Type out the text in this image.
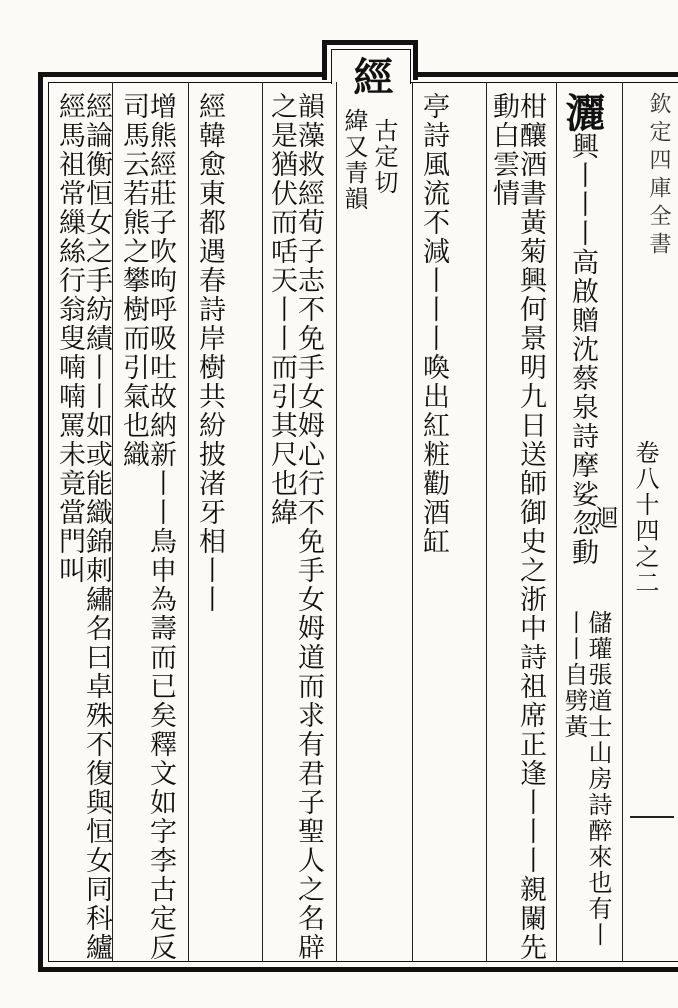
欽定四庫全書
卷八十四之二
經
古定切
緯又青韻	灑興丨丨丨高啟贈沈蔡泉詩摩娑忽動
迴
儲瓘張道士山房詩醉來也有丨丨丨自劈黃
柑釀酒書黃菊興何景明九日送師御史之浙中詩祖席正逢丨丨丨親闌先動白雲情
亭詩風流不減丨丨丨喚出紅粧勸酒缸
韻藻救經荀子志不免手女姆心行不免手女姆道而求有君子聖人之名辟之是猶伏而咶天丨丨而引其尺也緯
經韓愈東都遇春詩岸樹共紛披渚牙相丨丨
增熊經莊子吹呴呼吸吐故納新丨丨鳥申為壽而已矣釋文如字李古定反司馬云若熊之攀樹而引氣也織
經論衡恒女之手紡績丨丨如或能織錦刺繡名曰卓殊不復與恒女同科纑經馬祖常繅絲行翁叟喃喃罵未竟當門叫
